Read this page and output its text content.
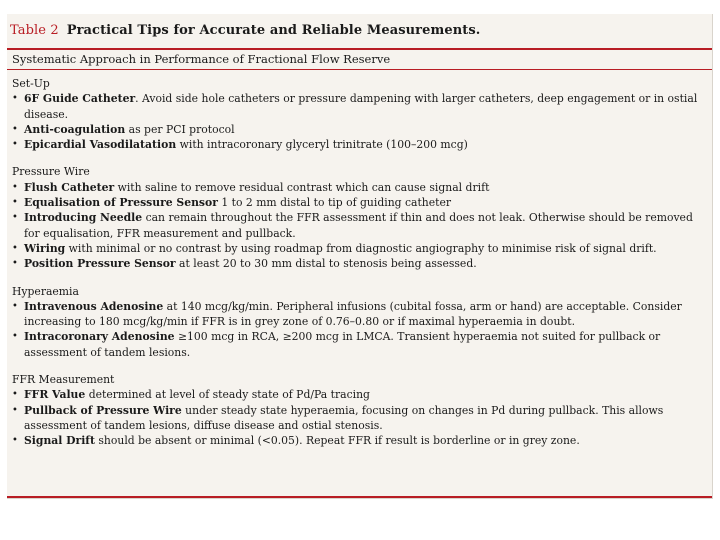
Table 2 Practical Tips for Accurate and Reliable Measurements.
Systematic Approach in Performance of Fractional Flow Reserve
Set-Up
• 6F Guide Catheter. Avoid side hole catheters or pressure dampening with larger catheters, deep engagement or in ostial disease.
• Anti-coagulation as per PCI protocol
• Epicardial Vasodilatation with intracoronary glyceryl trinitrate (100–200 mcg)
Pressure Wire
• Flush Catheter with saline to remove residual contrast which can cause signal drift
• Equalisation of Pressure Sensor 1 to 2 mm distal to tip of guiding catheter
• Introducing Needle can remain throughout the FFR assessment if thin and does not leak. Otherwise should be removed for equalisation, FFR measurement and pullback.
• Wiring with minimal or no contrast by using roadmap from diagnostic angiography to minimise risk of signal drift.
• Position Pressure Sensor at least 20 to 30 mm distal to stenosis being assessed.
Hyperaemia
• Intravenous Adenosine at 140 mcg/kg/min. Peripheral infusions (cubital fossa, arm or hand) are acceptable. Consider increasing to 180 mcg/kg/min if FFR is in grey zone of 0.76–0.80 or if maximal hyperaemia in doubt.
• Intracoronary Adenosine ≥100 mcg in RCA, ≥200 mcg in LMCA. Transient hyperaemia not suited for pullback or assessment of tandem lesions.
FFR Measurement
• FFR Value determined at level of steady state of Pd/Pa tracing
• Pullback of Pressure Wire under steady state hyperaemia, focusing on changes in Pd during pullback. This allows assessment of tandem lesions, diffuse disease and ostial stenosis.
• Signal Drift should be absent or minimal (<0.05). Repeat FFR if result is borderline or in grey zone.
